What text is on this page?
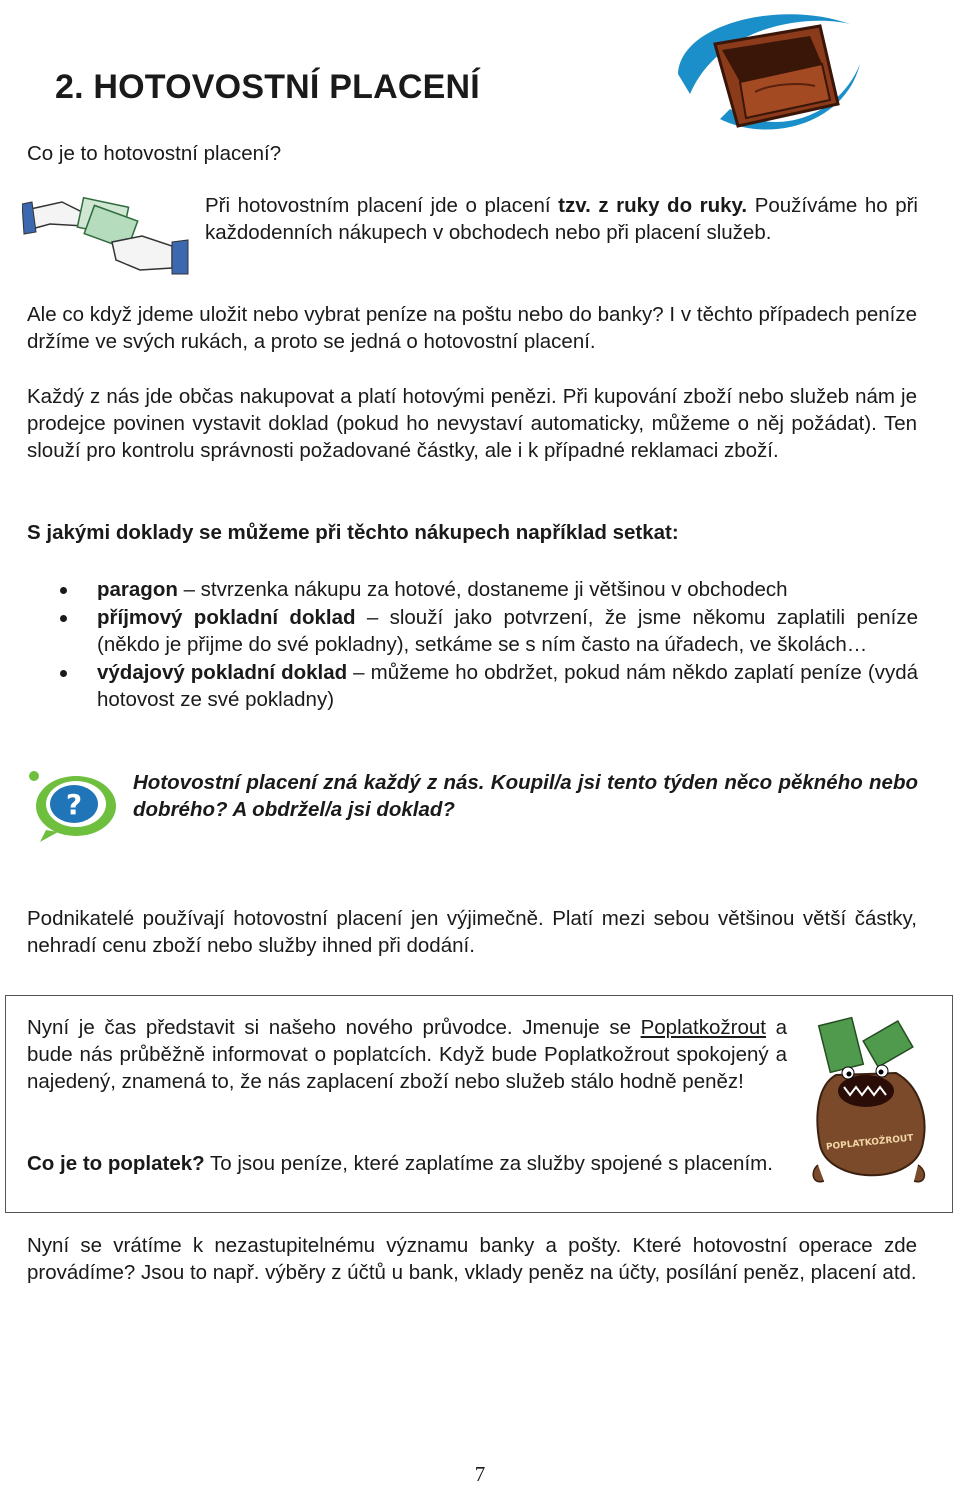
2. HOTOVOSTNÍ PLACENÍ

Co je to hotovostní placení?

Při hotovostním placení jde o placení tzv. z ruky do ruky. Používáme ho při každodenních nákupech v obchodech nebo při placení služeb.

Ale co když jdeme uložit nebo vybrat peníze na poštu nebo do banky? I v těchto případech peníze držíme ve svých rukách, a proto se jedná o hotovostní placení.

Každý z nás jde občas nakupovat a platí hotovými penězi. Při kupování zboží nebo služeb nám je prodejce povinen vystavit doklad (pokud ho nevystaví automaticky, můžeme o něj požádat). Ten slouží pro kontrolu správnosti požadované částky, ale i k případné reklamaci zboží.

S jakými doklady se můžeme při těchto nákupech například setkat:

paragon – stvrzenka nákupu za hotové, dostaneme ji většinou v obchodech
příjmový pokladní doklad – slouží jako potvrzení, že jsme někomu zaplatili peníze (někdo je přijme do své pokladny), setkáme se s ním často na úřadech, ve školách…
výdajový pokladní doklad – můžeme ho obdržet, pokud nám někdo zaplatí peníze (vydá hotovost ze své pokladny)
?

Hotovostní placení zná každý z nás. Koupil/a jsi tento týden něco pěkného nebo dobrého? A obdržel/a jsi doklad?

Podnikatelé používají hotovostní placení jen výjimečně. Platí mezi sebou většinou větší částky, nehradí cenu zboží nebo služby ihned při dodání.

Nyní je čas představit si našeho nového průvodce. Jmenuje se Poplatkožrout a bude nás průběžně informovat o poplatcích. Když bude Poplatkožrout spokojený a najedený, znamená to, že nás zaplacení zboží nebo služeb stálo hodně peněz!

Co je to poplatek? To jsou peníze, které zaplatíme za služby spojené s placením.

POPLATKOŽROUT

Nyní se vrátíme k nezastupitelnému významu banky a pošty. Které hotovostní operace zde provádíme? Jsou to např. výběry z účtů u bank, vklady peněz na účty, posílání peněz, placení atd.

7
